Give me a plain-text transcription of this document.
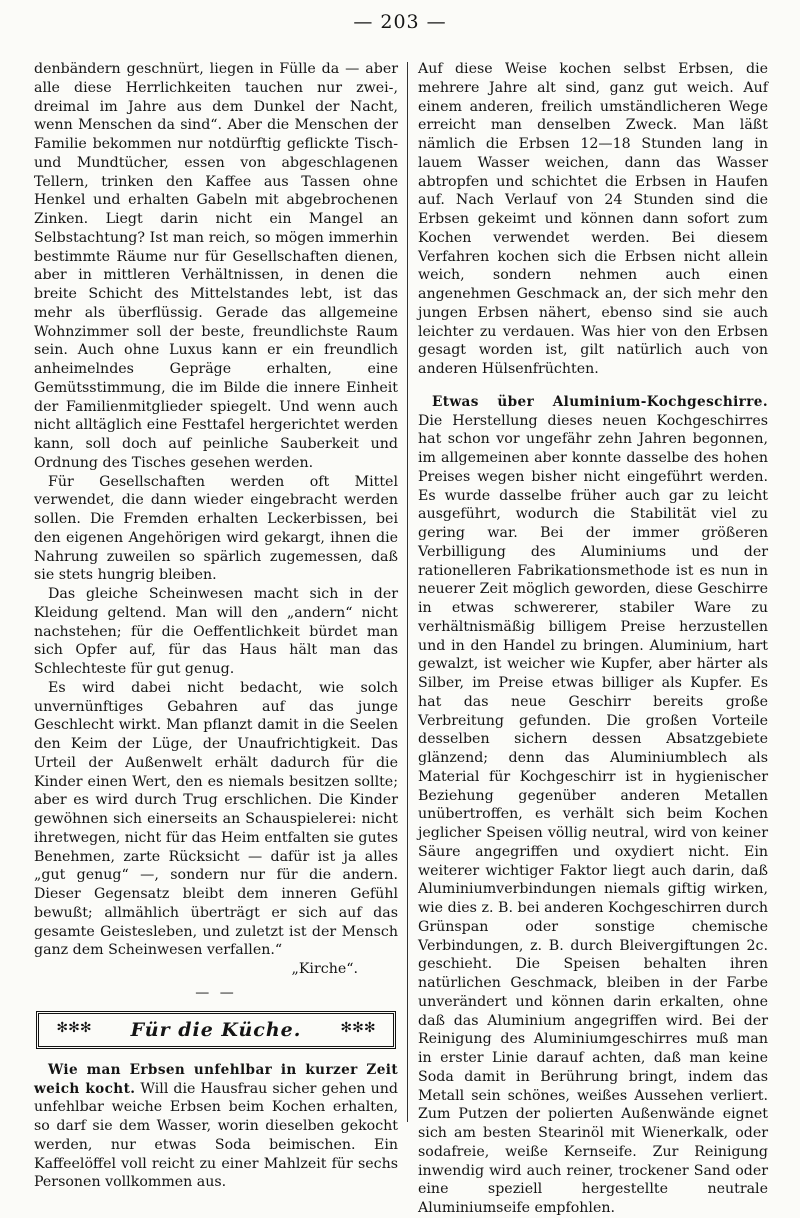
— 203 —

denbändern geschnürt, liegen in Fülle da — aber alle diese Herrlichkeiten tauchen nur zwei-, dreimal im Jahre aus dem Dunkel der Nacht, wenn Menschen da sind“. Aber die Menschen der Familie bekommen nur notdürftig geflickte Tisch- und Mundtücher, essen von abgeschlagenen Tellern, trinken den Kaffee aus Tassen ohne Henkel und erhalten Gabeln mit abgebrochenen Zinken. Liegt darin nicht ein Mangel an Selbstachtung? Ist man reich, so mögen immerhin bestimmte Räume nur für Gesellschaften dienen, aber in mittleren Verhältnissen, in denen die breite Schicht des Mittelstandes lebt, ist das mehr als überflüssig. Gerade das allgemeine Wohnzimmer soll der beste, freundlichste Raum sein. Auch ohne Luxus kann er ein freundlich anheimelndes Gepräge erhalten, eine Gemütsstimmung, die im Bilde die innere Einheit der Familienmitglieder spiegelt. Und wenn auch nicht alltäglich eine Festtafel hergerichtet werden kann, soll doch auf peinliche Sauberkeit und Ordnung des Tisches gesehen werden.

Für Gesellschaften werden oft Mittel verwendet, die dann wieder eingebracht werden sollen. Die Fremden erhalten Leckerbissen, bei den eigenen Angehörigen wird gekargt, ihnen die Nahrung zuweilen so spärlich zugemessen, daß sie stets hungrig bleiben.

Das gleiche Scheinwesen macht sich in der Kleidung geltend. Man will den „andern“ nicht nachstehen; für die Oeffentlichkeit bürdet man sich Opfer auf, für das Haus hält man das Schlechteste für gut genug.

Es wird dabei nicht bedacht, wie solch unvernünftiges Gebahren auf das junge Geschlecht wirkt. Man pflanzt damit in die Seelen den Keim der Lüge, der Unaufrichtigkeit. Das Urteil der Außenwelt erhält dadurch für die Kinder einen Wert, den es niemals besitzen sollte; aber es wird durch Trug erschlichen. Die Kinder gewöhnen sich einerseits an Schauspielerei: nicht ihretwegen, nicht für das Heim entfalten sie gutes Benehmen, zarte Rücksicht — dafür ist ja alles „gut genug“ —, sondern nur für die andern. Dieser Gegensatz bleibt dem inneren Gefühl bewußt; allmählich überträgt er sich auf das gesamte Geistesleben, und zuletzt ist der Mensch ganz dem Scheinwesen verfallen.“

„Kirche“.

— —
✻✻✻	Für die Küche.	✻✻✻

Wie man Erbsen unfehlbar in kurzer Zeit weich kocht. Will die Hausfrau sicher gehen und unfehlbar weiche Erbsen beim Kochen erhalten, so darf sie dem Wasser, worin dieselben gekocht werden, nur etwas Soda beimischen. Ein Kaffeelöffel voll reicht zu einer Mahlzeit für sechs Personen vollkommen aus.

Auf diese Weise kochen selbst Erbsen, die mehrere Jahre alt sind, ganz gut weich. Auf einem anderen, freilich umständlicheren Wege erreicht man denselben Zweck. Man läßt nämlich die Erbsen 12—18 Stunden lang in lauem Wasser weichen, dann das Wasser abtropfen und schichtet die Erbsen in Haufen auf. Nach Verlauf von 24 Stunden sind die Erbsen gekeimt und können dann sofort zum Kochen verwendet werden. Bei diesem Verfahren kochen sich die Erbsen nicht allein weich, sondern nehmen auch einen angenehmen Geschmack an, der sich mehr den jungen Erbsen nähert, ebenso sind sie auch leichter zu verdauen. Was hier von den Erbsen gesagt worden ist, gilt natürlich auch von anderen Hülsenfrüchten.

Etwas über Aluminium-Kochgeschirre. Die Herstellung dieses neuen Kochgeschirres hat schon vor ungefähr zehn Jahren begonnen, im allgemeinen aber konnte dasselbe des hohen Preises wegen bisher nicht eingeführt werden. Es wurde dasselbe früher auch gar zu leicht ausgeführt, wodurch die Stabilität viel zu gering war. Bei der immer größeren Verbilligung des Aluminiums und der rationelleren Fabrikationsmethode ist es nun in neuerer Zeit möglich geworden, diese Geschirre in etwas schwererer, stabiler Ware zu verhältnismäßig billigem Preise herzustellen und in den Handel zu bringen. Aluminium, hart gewalzt, ist weicher wie Kupfer, aber härter als Silber, im Preise etwas billiger als Kupfer. Es hat das neue Geschirr bereits große Verbreitung gefunden. Die großen Vorteile desselben sichern dessen Absatzgebiete glänzend; denn das Aluminiumblech als Material für Kochgeschirr ist in hygienischer Beziehung gegenüber anderen Metallen unübertroffen, es verhält sich beim Kochen jeglicher Speisen völlig neutral, wird von keiner Säure angegriffen und oxydiert nicht. Ein weiterer wichtiger Faktor liegt auch darin, daß Aluminiumverbindungen niemals giftig wirken, wie dies z. B. bei anderen Kochgeschirren durch Grünspan oder sonstige chemische Verbindungen, z. B. durch Bleivergiftungen 2c. geschieht. Die Speisen behalten ihren natürlichen Geschmack, bleiben in der Farbe unverändert und können darin erkalten, ohne daß das Aluminium angegriffen wird. Bei der Reinigung des Aluminiumgeschirres muß man in erster Linie darauf achten, daß man keine Soda damit in Berührung bringt, indem das Metall sein schönes, weißes Aussehen verliert. Zum Putzen der polierten Außenwände eignet sich am besten Stearinöl mit Wienerkalk, oder sodafreie, weiße Kernseife. Zur Reinigung inwendig wird auch reiner, trockener Sand oder eine speziell hergestellte neutrale Aluminiumseife empfohlen.
